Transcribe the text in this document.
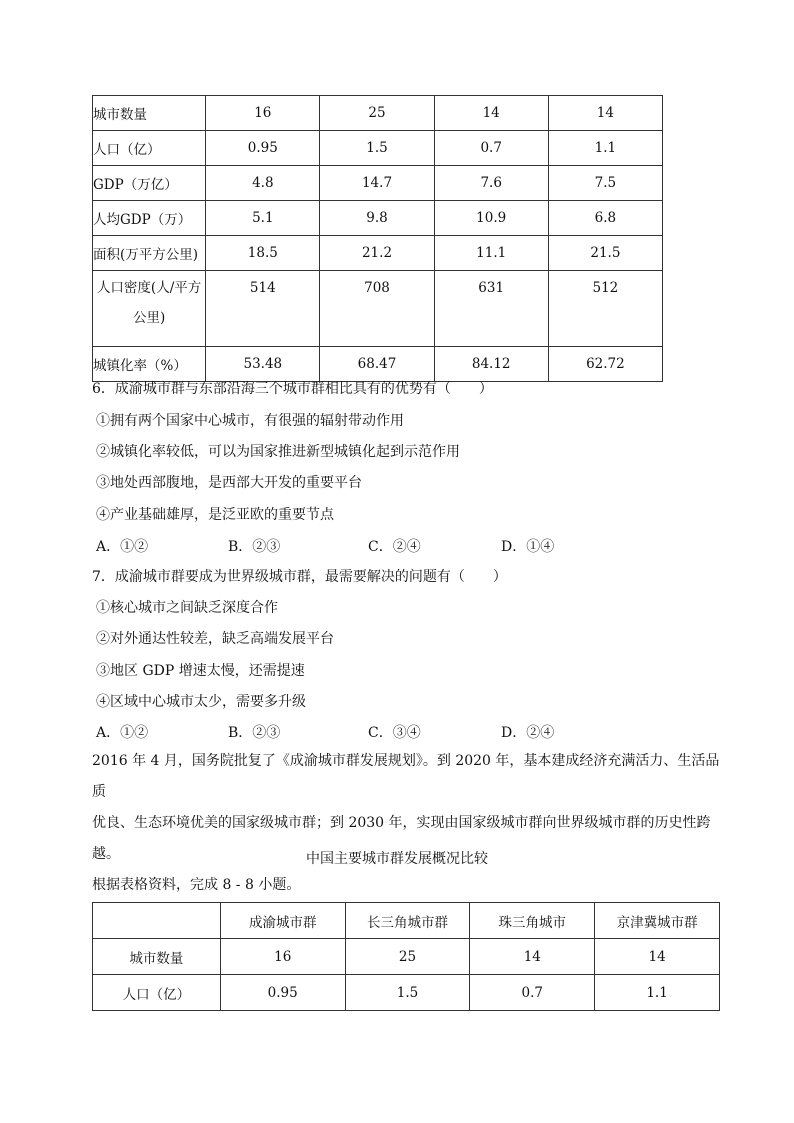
城市数量	16	25	14	14
人口（亿）	0.95	1.5	0.7	1.1
GDP（万亿）	4.8	14.7	7.6	7.5
人均GDP（万）	5.1	9.8	10.9	6.8
面积(万平方公里)	18.5	21.2	11.1	21.5

人口密度(人/平方
公里)	514	708	631	512
城镇化率（%）	53.48	68.47	84.12	62.72
6．成渝城市群与东部沿海三个城市群相比具有的优势有（　　）
①拥有两个国家中心城市，有很强的辐射带动作用
②城镇化率较低，可以为国家推进新型城镇化起到示范作用
③地处西部腹地，是西部大开发的重要平台
④产业基础雄厚，是泛亚欧的重要节点
A．①②	B．②③	C．②④	D．①④
7．成渝城市群要成为世界级城市群，最需要解决的问题有（　　）
①核心城市之间缺乏深度合作
②对外通达性较差，缺乏高端发展平台
③地区 GDP 增速太慢，还需提速
④区域中心城市太少，需要多升级
A．①②	B．②③	C．③④	D．②④
2016 年 4 月，国务院批复了《成渝城市群发展规划》。到 2020 年，基本建成经济充满活力、生活品质
优良、生态环境优美的国家级城市群；到 2030 年，实现由国家级城市群向世界级城市群的历史性跨越。
根据表格资料，完成 8 - 8 小题。
中国主要城市群发展概况比较
	成渝城市群	长三角城市群	珠三角城市	京津冀城市群
城市数量	16	25	14	14
人口（亿）	0.95	1.5	0.7	1.1
